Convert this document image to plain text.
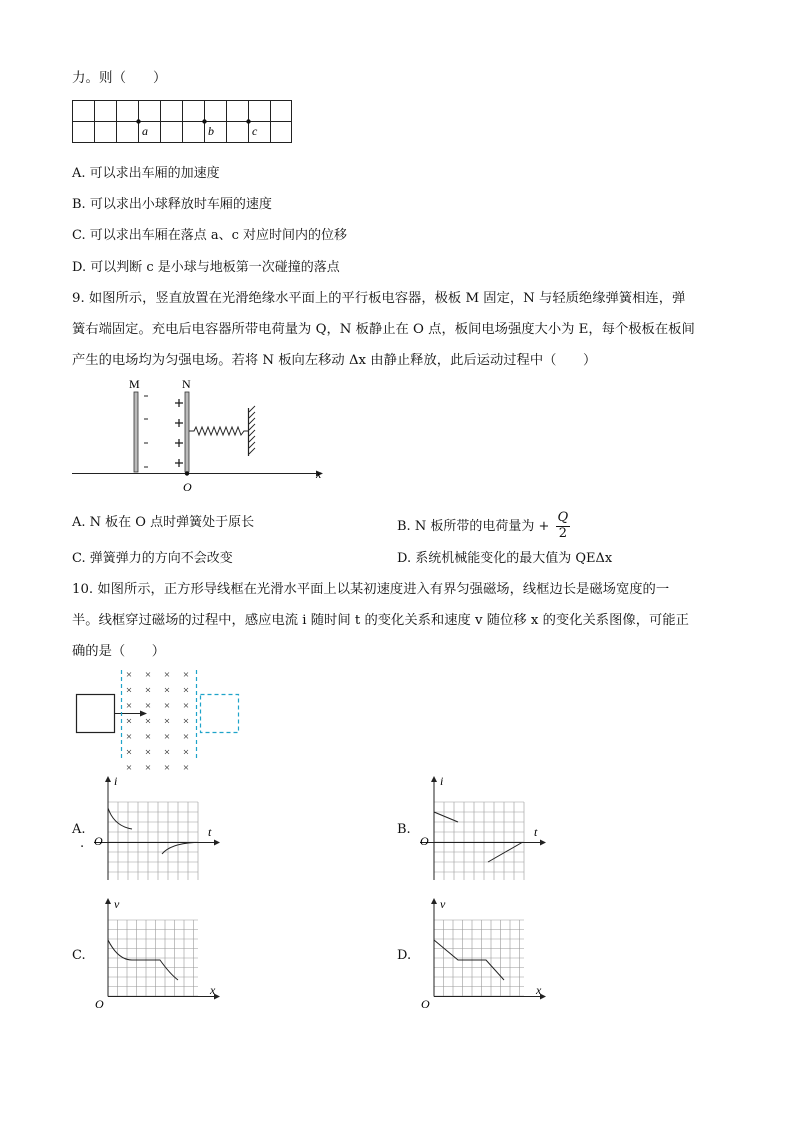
力。则（　　）
a	b	c
A. 可以求出车厢的加速度
B. 可以求出小球释放时车厢的速度
C. 可以求出车厢在落点 a、c 对应时间内的位移
D. 可以判断 c 是小球与地板第一次碰撞的落点
9. 如图所示，竖直放置在光滑绝缘水平面上的平行板电容器，极板 M 固定，N 与轻质绝缘弹簧相连，弹
簧右端固定。充电后电容器所带电荷量为 Q，N 板静止在 O 点，板间电场强度大小为 E，每个极板在板间
产生的电场均为匀强电场。若将 N 板向左移动 Δx 由静止释放，此后运动过程中（　　）
x
M	N
O
A. N 板在 O 点时弹簧处于原长	B. N 板所带的电荷量为 + $\frac{Q}{2}$
C. 弹簧弹力的方向不会改变	D. 系统机械能变化的最大值为 QEΔx
10. 如图所示，正方形导线框在光滑水平面上以某初速度进入有界匀强磁场，线框边长是磁场宽度的一
半。线框穿过磁场的过程中，感应电流 i 随时间 t 的变化关系和速度 v 随位移 x 的变化关系图像，可能正
确的是（　　）
× × × ×
× × × ×
× × × ×
× × × ×
× × × ×
× × × ×
× × × ×
A.
.
i
t
O
B.
i
t
O
C.
v
x
O
D.
v
x
O
